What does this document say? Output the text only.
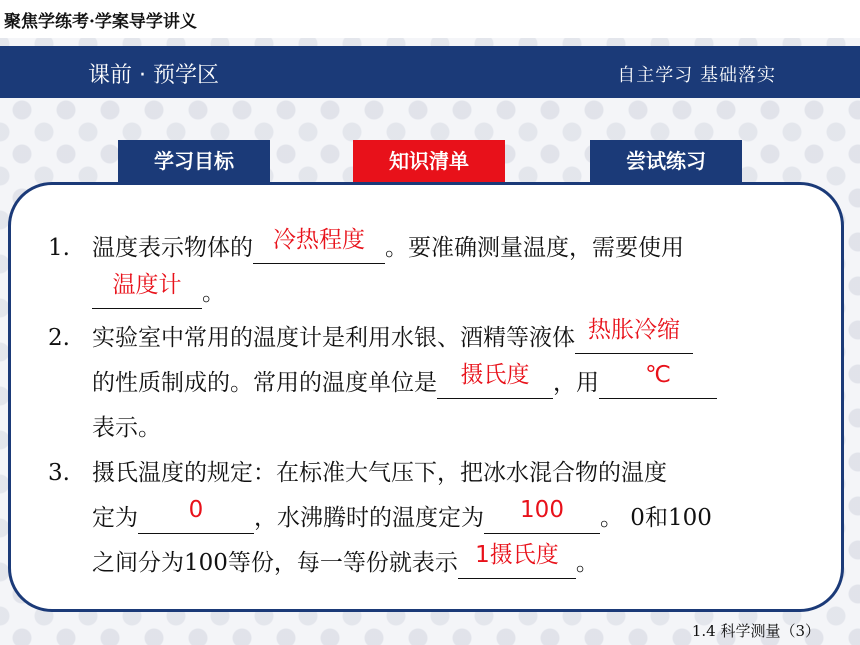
聚焦学练考·学案导学讲义
课前 · 预学区	自主学习 基础落实
学习目标	知识清单	尝试练习
1. 温度表示物体的 冷热程度 。要准确测量温度，需要使用
温度计 。
2. 实验室中常用的温度计是利用水银、酒精等液体 热胀冷缩
的性质制成的。常用的温度单位是 摄氏度 ，用 ℃
表示。
3. 摄氏温度的规定：在标准大气压下，把冰水混合物的温度
定为 0 ，水沸腾时的温度定为 100 。 0和100
之间分为100等份，每一等份就表示 1摄氏度 。
1.4 科学测量（3）
